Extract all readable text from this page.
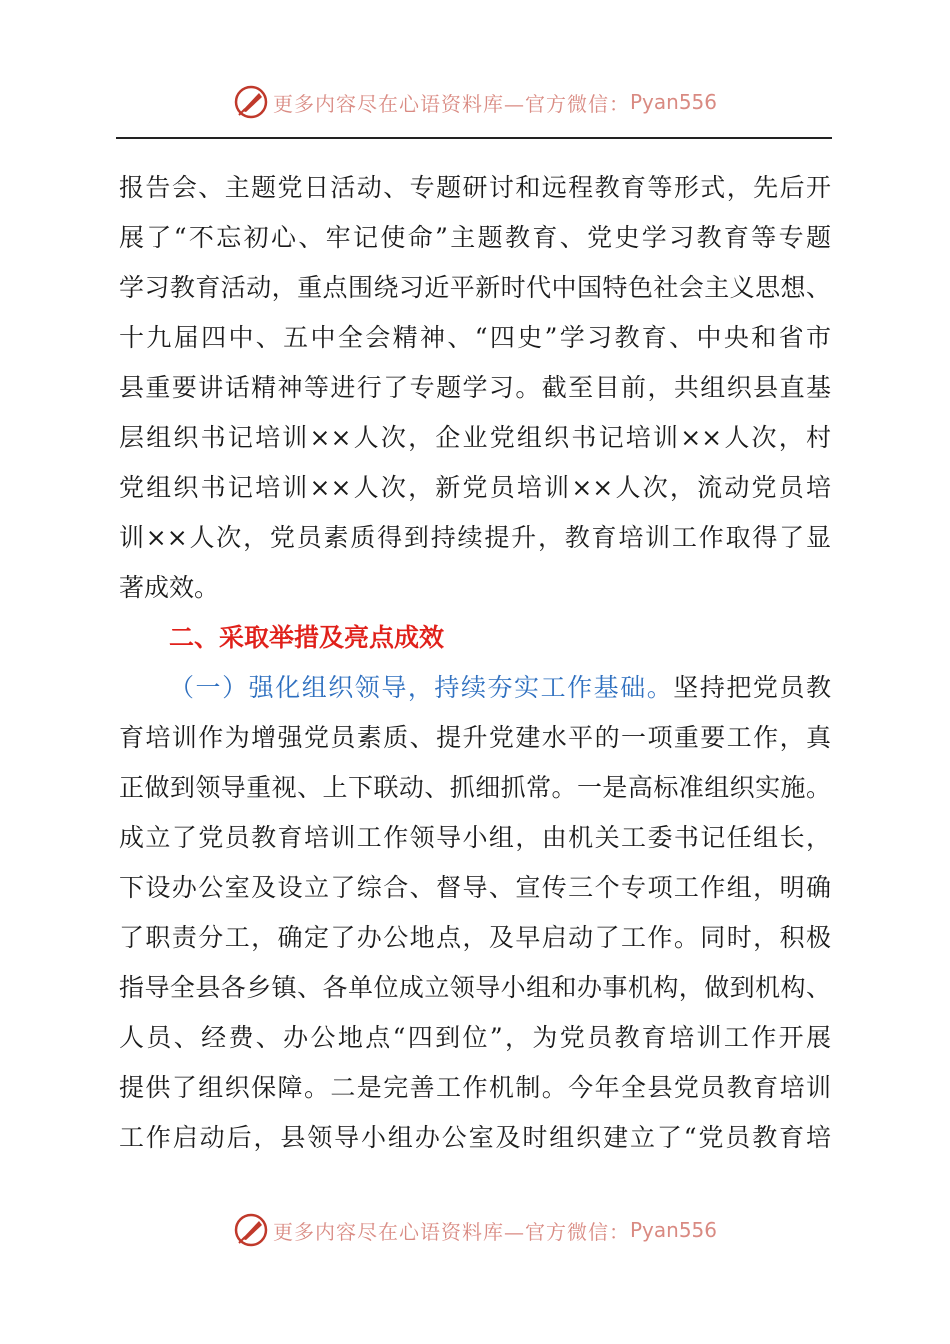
更多内容尽在心语资料库—官方微信： Pyan556
报告会、主题党日活动、专题研讨和远程教育等形式，先后开
展了“不忘初心、牢记使命”主题教育、党史学习教育等专题
学习教育活动，重点围绕习近平新时代中国特色社会主义思想、
十九届四中、五中全会精神、“四史”学习教育、中央和省市
县重要讲话精神等进行了专题学习。截至目前，共组织县直基
层组织书记培训××人次，企业党组织书记培训××人次，村
党组织书记培训××人次，新党员培训××人次，流动党员培
训××人次，党员素质得到持续提升，教育培训工作取得了显
著成效。
二、采取举措及亮点成效
（一）强化组织领导，持续夯实工作基础。坚持把党员教
育培训作为增强党员素质、提升党建水平的一项重要工作，真
正做到领导重视、上下联动、抓细抓常。一是高标准组织实施。
成立了党员教育培训工作领导小组，由机关工委书记任组长，
下设办公室及设立了综合、督导、宣传三个专项工作组，明确
了职责分工，确定了办公地点，及早启动了工作。同时，积极
指导全县各乡镇、各单位成立领导小组和办事机构，做到机构、
人员、经费、办公地点“四到位”，为党员教育培训工作开展
提供了组织保障。二是完善工作机制。今年全县党员教育培训
工作启动后，县领导小组办公室及时组织建立了“党员教育培
更多内容尽在心语资料库—官方微信： Pyan556
